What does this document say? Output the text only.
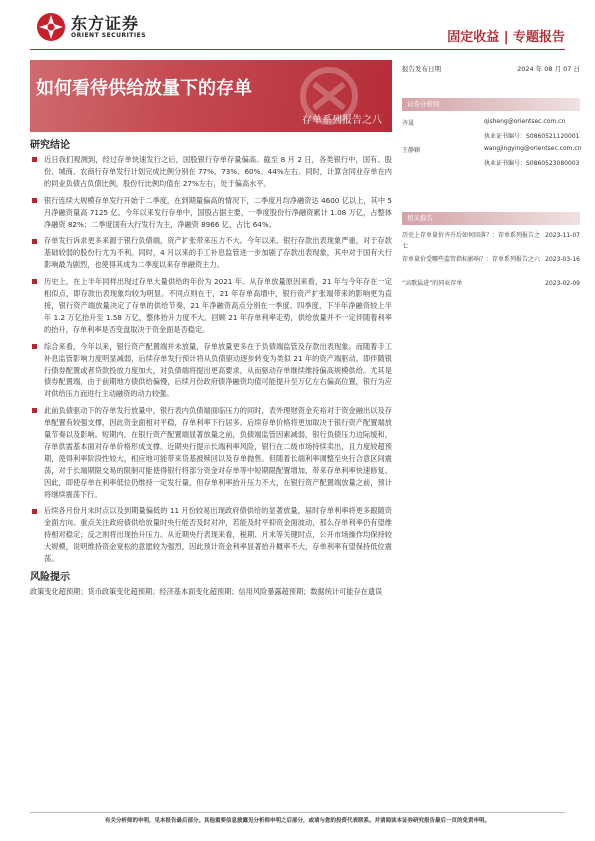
东方证券
ORIENT SECURITIES	固定收益 | 专题报告
如何看待供给放量下的存单
存单系列报告之八
报告发布日期	2024 年 08 月 07 日
证券分析师
齐晟	qisheng@orientsec.com.cn
执业证书编号：S0860521120001
王静颖	wangjingying@orientsec.com.cn
执业证书编号：S0860523080003
相关报告
历史上存单量价齐升后如何回落？：存单系列报告之七
2023-11-07
存单量价受哪些监管指标影响？：存单系列报告之六 2023-03-16
“高歌猛进”的同业存单	2023-02-09
研究结论
近日我们观测到，经过存单快速发行之后，国股银行存单存量偏高。截至 8 月 2 日，各类银行中，国有、股份、城商、农商行存单发行计划完成比例分别在 77%、73%、60%、44%左右。同时，计算含同业存单在内的同业负债占负债比例，股份行比例均值在 27%左右，处于偏高水平。
银行连续大规模存单发行开始于二季度，在到期量偏高的情况下，二季度月均净融资达 4600 亿以上，其中 5 月净融资量高 7125 亿。今年以来发行存单中，国股占据主要，一季度股份行净融资累计 1.08 万亿，占整体净融资 82%；二季度国有大行发行为主，净融资 8966 亿，占比 64%。
存单发行诉求更多来源于银行负债端，资产扩张带来压力不大。今年以来，银行存款出表现象严重，对于存款基础较弱的股份行尤为不利。同时，4 月以来的手工补息监管进一步加剧了存款出表现象，其中对于国有大行影响最为剧烈，也使得其成为二季度以来存单融资主力。
历史上，在上半年同样出现过存单大量供给的年份为 2021 年。从存单放量原因来看，21 年与今年存在一定相似点，即存款出表现象均较为明显。不同点则在于，21 年存单高增中，银行资产扩张端带来的影响更为直接，银行资产端放量决定了存单的供给节奏，21 年净融资高点分别在一季度、四季度，下半年净融资较上半年 1.2 万亿抬升至 1.58 万亿，整体抬升力度不大。回顾 21 年存单利率走势，供给放量并不一定伴随着利率的抬升，存单利率是否变盘取决于资金面是否稳定。
综合来看，今年以来，银行资产配置端并未放量，存单放量更多在于负债端监管及存款出表现象。而随着手工补息监管影响力度明显减弱，后续存单发行预计将从负债驱动逐步转变为类似 21 年的资产端驱动。即伴随银行债券配置或者贷款投放力度加大，对负债端将提出更高要求，从而驱动存单继续维持偏高规模供给。尤其是债券配置端，由于前期地方债供给偏慢，后续月份政府债净融资均值可能提升至万亿左右偏高位置，银行为应对供给压力而进行主动融资的动力较强。
此前负债驱动下的存单发行放量中，银行表内负债端面临压力的同时，表外理财资金充裕对于资金融出以及存单配置有较强支撑，因此资金面相对平稳，存单利率下行居多。后续存单价格将更加取决于银行资产配置端放量节奏以及影响。短期内，在银行资产配置端显著放量之前，负债端监管因素减弱，银行负债压力边际缓和，存单供需基本面对存单价格形成支撑。近期央行提示长端利率风险，银行在二级市场持续卖出，且力度较超预期，使得利率阶段性较大，相应地可能带来货基被赎回以及存单抛售。但随着长端利率调整至央行合意区间震荡，对于长端期限交易的限制可能使得银行将部分资金对存单等中短期限配置增加，带来存单利率快速修复。因此，即使存单在利率低位仍维持一定发行量，但存单利率抬升压力不大，在银行资产配置端放量之前，预计将继续震荡下行。
后续各月份月末时点以及到期量偏低的 11 月份较易出现政府债供给的显著放量，届时存单利率将更多跟随资金面方向。重点关注政府债供给放量时央行能否及时对冲，若能及时平抑资金面波动，那么存单利率仍有望维持相对稳定；反之则将出现抬升压力。从近期央行表现来看，税期、月末等关键时点，公开市场操作均保持较大规模，说明维持资金宽松的意愿较为强烈，因此预计资金利率显著抬升概率不大，存单利率有望保持低位震荡。
风险提示
政策变化超预期；货币政策变化超预期；经济基本面变化超预期；信用风险暴露超预期；数据统计可能存在遗误
有关分析师的申明，见本报告最后部分。其他重要信息披露见分析师申明之后部分，或请与您的投资代表联系。并请阅读本证券研究报告最后一页的免责申明。
